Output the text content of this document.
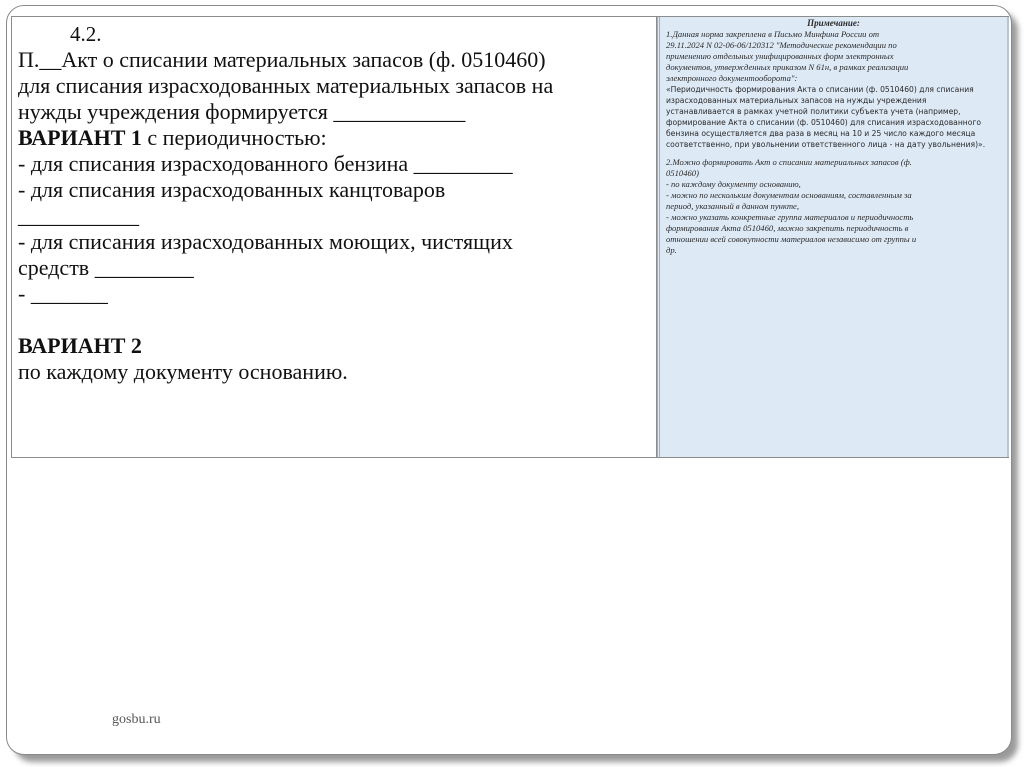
4.2.
П.__Акт о списании материальных запасов (ф. 0510460)
для списания израсходованных материальных запасов на
нужды учреждения формируется ____________
ВАРИАНТ 1 с периодичностью:
- для списания израсходованного бензина _________
- для списания израсходованных канцтоваров
___________
- для списания израсходованных моющих, чистящих
средств _________
- _______
ВАРИАНТ 2
по каждому документу основанию.
Примечание:
1.Данная норма закреплена в Письмо Минфина России от
29.11.2024 N 02-06-06/120312 "Методические рекомендации по
применению отдельных унифицированных форм электронных
документов, утвержденных приказом N 61н, в рамках реализации
электронного документооборота":
«Периодичность формирования Акта о списании (ф. 0510460) для списания
израсходованных материальных запасов на нужды учреждения
устанавливается в рамках учетной политики субъекта учета (например,
формирование Акта о списании (ф. 0510460) для списания израсходованного
бензина осуществляется два раза в месяц на 10 и 25 число каждого месяца
соответственно, при увольнении ответственного лица - на дату увольнения)».
2.Можно формировать Акт о списании материальных запасов (ф.
0510460)
- по каждому документу основанию,
- можно по нескольким документам основаниям, составленным за
период, указанный в данном пункте,
- можно указать конкретные группа материалов и периодичность
формирования Акта 0510460, можно закрепить периодичность в
отношении всей совокупности материалов независимо от группы и
др.
gosbu.ru
